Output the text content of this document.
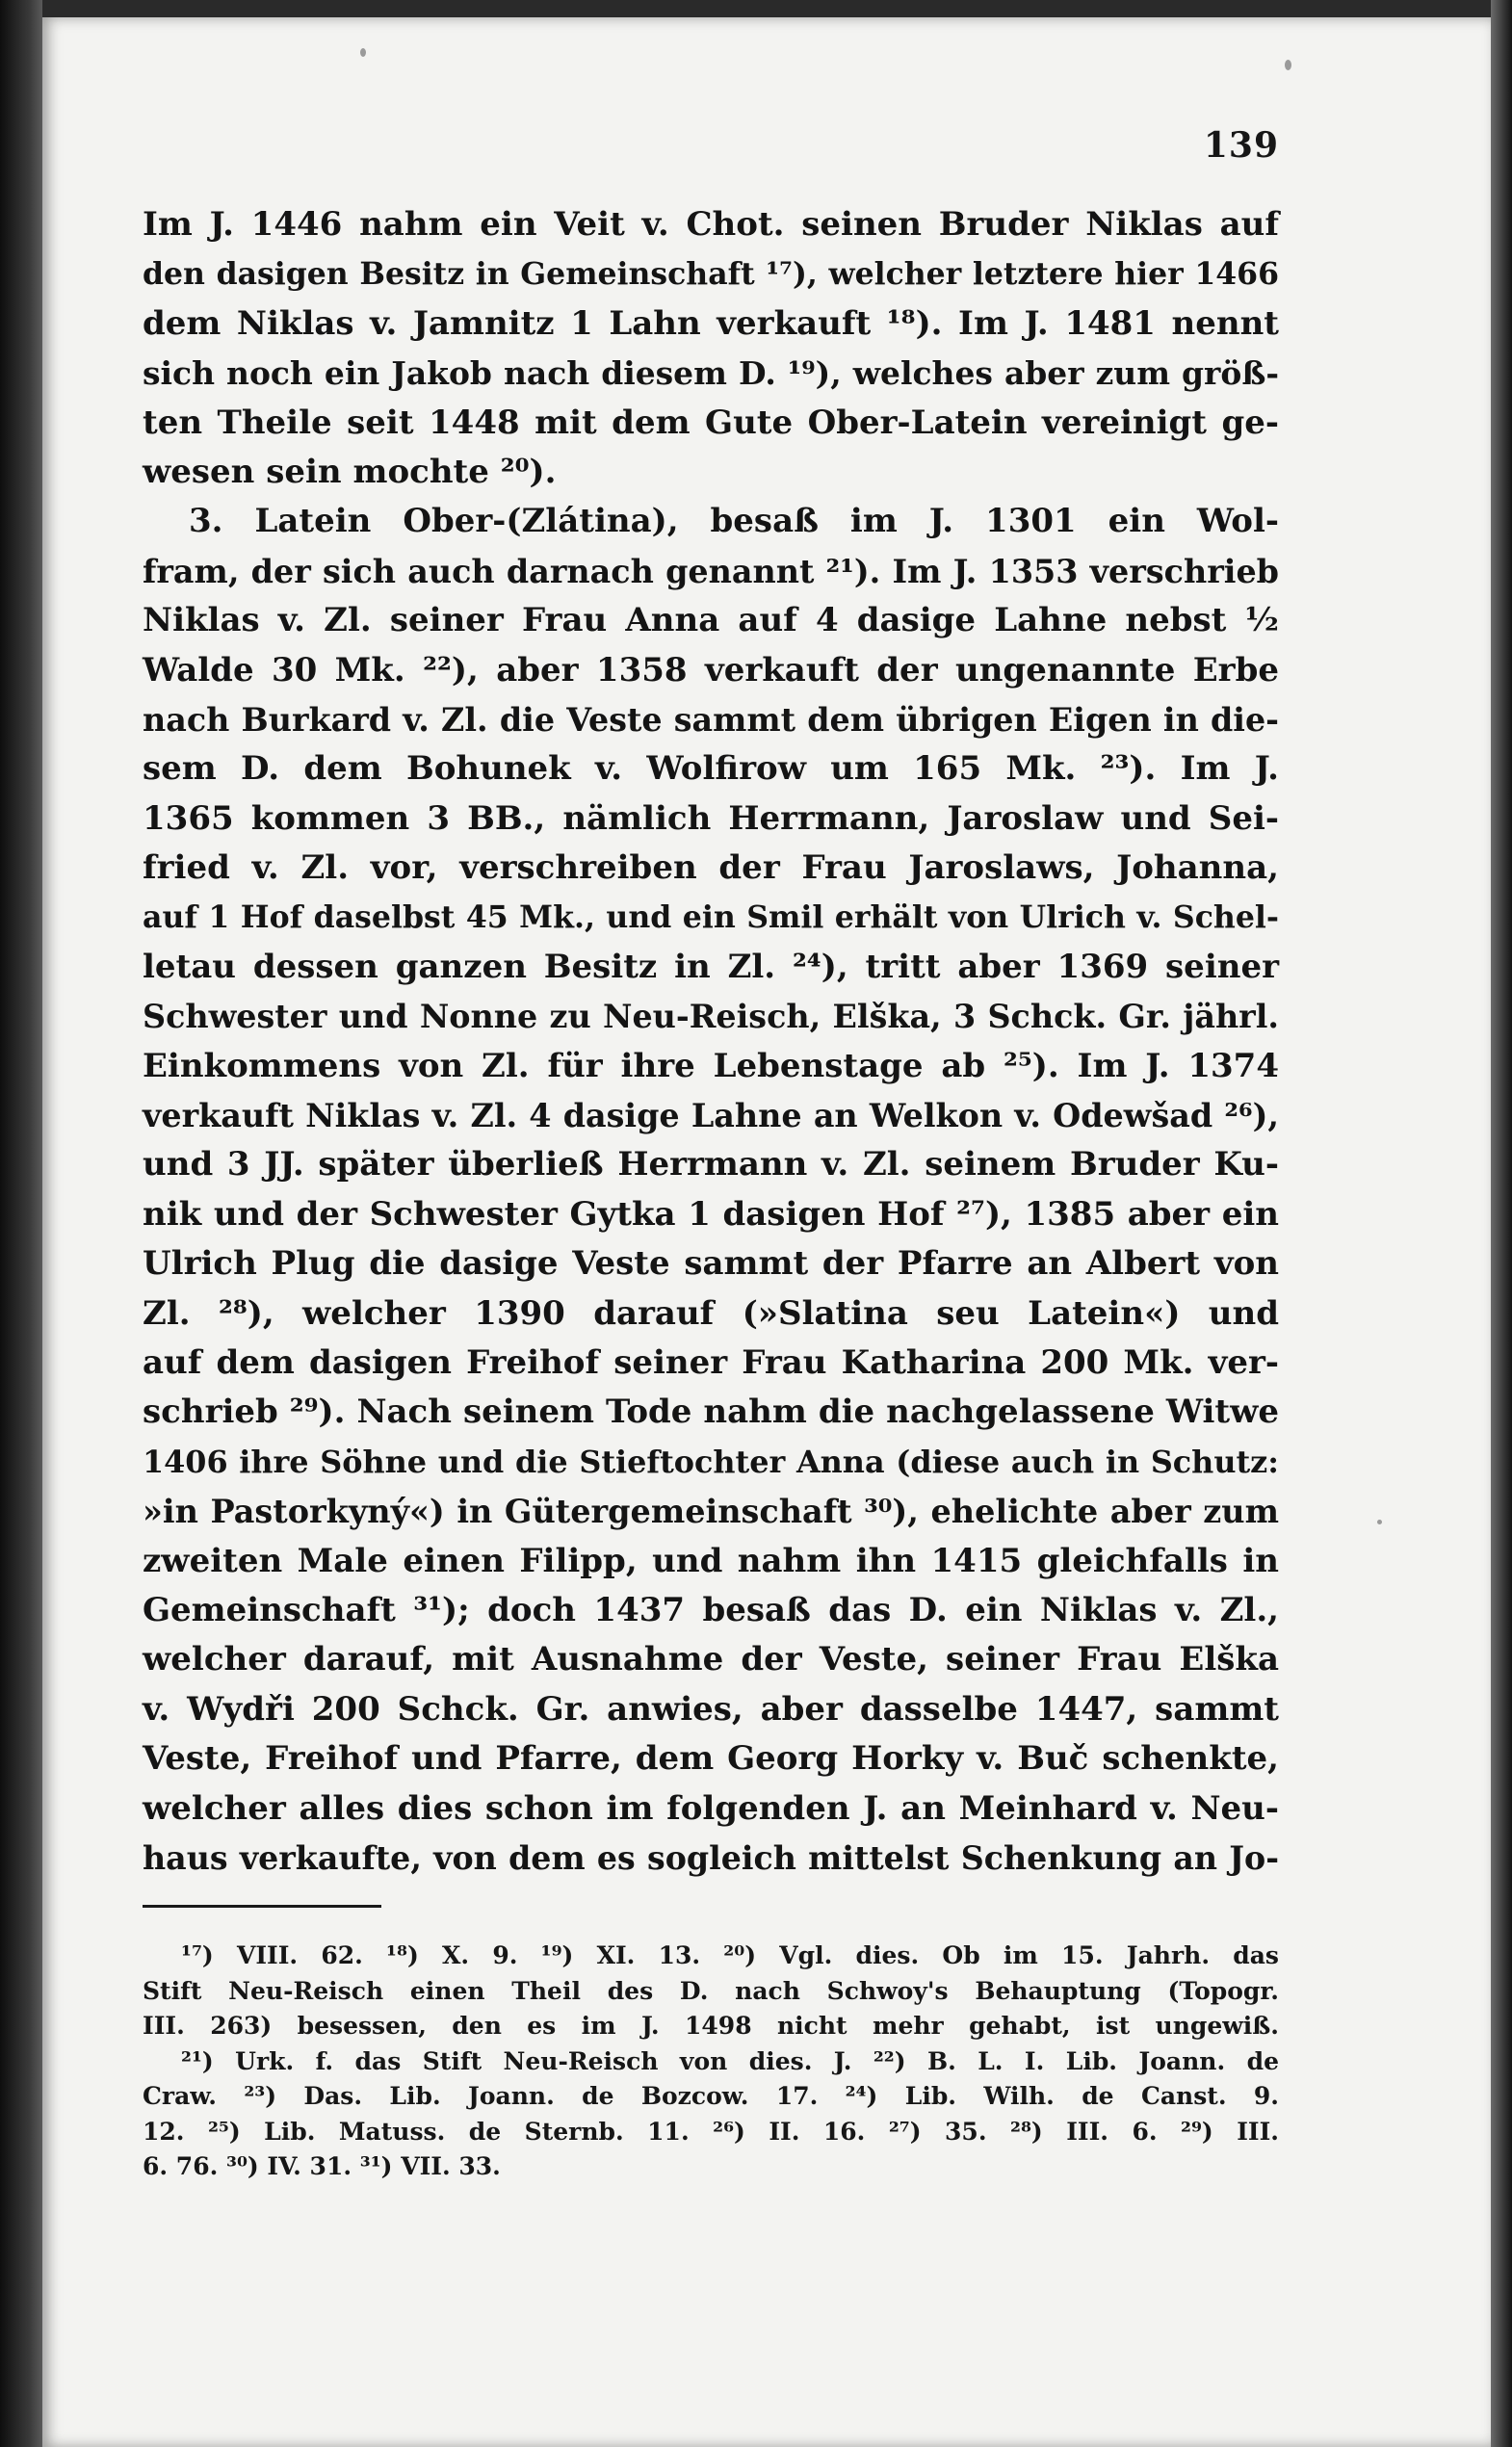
139
Im J. 1446 nahm ein Veit v. Chot. seinen Bruder Niklas auf
den dasigen Besitz in Gemeinschaft ¹⁷), welcher letztere hier 1466
dem Niklas v. Jamnitz 1 Lahn verkauft ¹⁸). Im J. 1481 nennt
sich noch ein Jakob nach diesem D. ¹⁹), welches aber zum größ-
ten Theile seit 1448 mit dem Gute Ober-Latein vereinigt ge-
wesen sein mochte ²⁰).
3. Latein Ober-(Zlátina), besaß im J. 1301 ein Wol-
fram, der sich auch darnach genannt ²¹). Im J. 1353 verschrieb
Niklas v. Zl. seiner Frau Anna auf 4 dasige Lahne nebst ½
Walde 30 Mk. ²²), aber 1358 verkauft der ungenannte Erbe
nach Burkard v. Zl. die Veste sammt dem übrigen Eigen in die-
sem D. dem Bohunek v. Wolfirow um 165 Mk. ²³). Im J.
1365 kommen 3 BB., nämlich Herrmann, Jaroslaw und Sei-
fried v. Zl. vor, verschreiben der Frau Jaroslaws, Johanna,
auf 1 Hof daselbst 45 Mk., und ein Smil erhält von Ulrich v. Schel-
letau dessen ganzen Besitz in Zl. ²⁴), tritt aber 1369 seiner
Schwester und Nonne zu Neu-Reisch, Elška, 3 Schck. Gr. jährl.
Einkommens von Zl. für ihre Lebenstage ab ²⁵). Im J. 1374
verkauft Niklas v. Zl. 4 dasige Lahne an Welkon v. Odewšad ²⁶),
und 3 JJ. später überließ Herrmann v. Zl. seinem Bruder Ku-
nik und der Schwester Gytka 1 dasigen Hof ²⁷), 1385 aber ein
Ulrich Plug die dasige Veste sammt der Pfarre an Albert von
Zl. ²⁸), welcher 1390 darauf (»Slatina seu Latein«) und
auf dem dasigen Freihof seiner Frau Katharina 200 Mk. ver-
schrieb ²⁹). Nach seinem Tode nahm die nachgelassene Witwe
1406 ihre Söhne und die Stieftochter Anna (diese auch in Schutz:
»in Pastorkyný«) in Gütergemeinschaft ³⁰), ehelichte aber zum
zweiten Male einen Filipp, und nahm ihn 1415 gleichfalls in
Gemeinschaft ³¹); doch 1437 besaß das D. ein Niklas v. Zl.,
welcher darauf, mit Ausnahme der Veste, seiner Frau Elška
v. Wydři 200 Schck. Gr. anwies, aber dasselbe 1447, sammt
Veste, Freihof und Pfarre, dem Georg Horky v. Buč schenkte,
welcher alles dies schon im folgenden J. an Meinhard v. Neu-
haus verkaufte, von dem es sogleich mittelst Schenkung an Jo-
¹⁷) VIII. 62. ¹⁸) X. 9. ¹⁹) XI. 13. ²⁰) Vgl. dies. Ob im 15. Jahrh. das
Stift Neu-Reisch einen Theil des D. nach Schwoy's Behauptung (Topogr.
III. 263) besessen, den es im J. 1498 nicht mehr gehabt, ist ungewiß.
²¹) Urk. f. das Stift Neu-Reisch von dies. J. ²²) B. L. I. Lib. Joann. de
Craw. ²³) Das. Lib. Joann. de Bozcow. 17. ²⁴) Lib. Wilh. de Canst. 9.
12. ²⁵) Lib. Matuss. de Sternb. 11. ²⁶) II. 16. ²⁷) 35. ²⁸) III. 6. ²⁹) III.
6. 76. ³⁰) IV. 31. ³¹) VII. 33.
